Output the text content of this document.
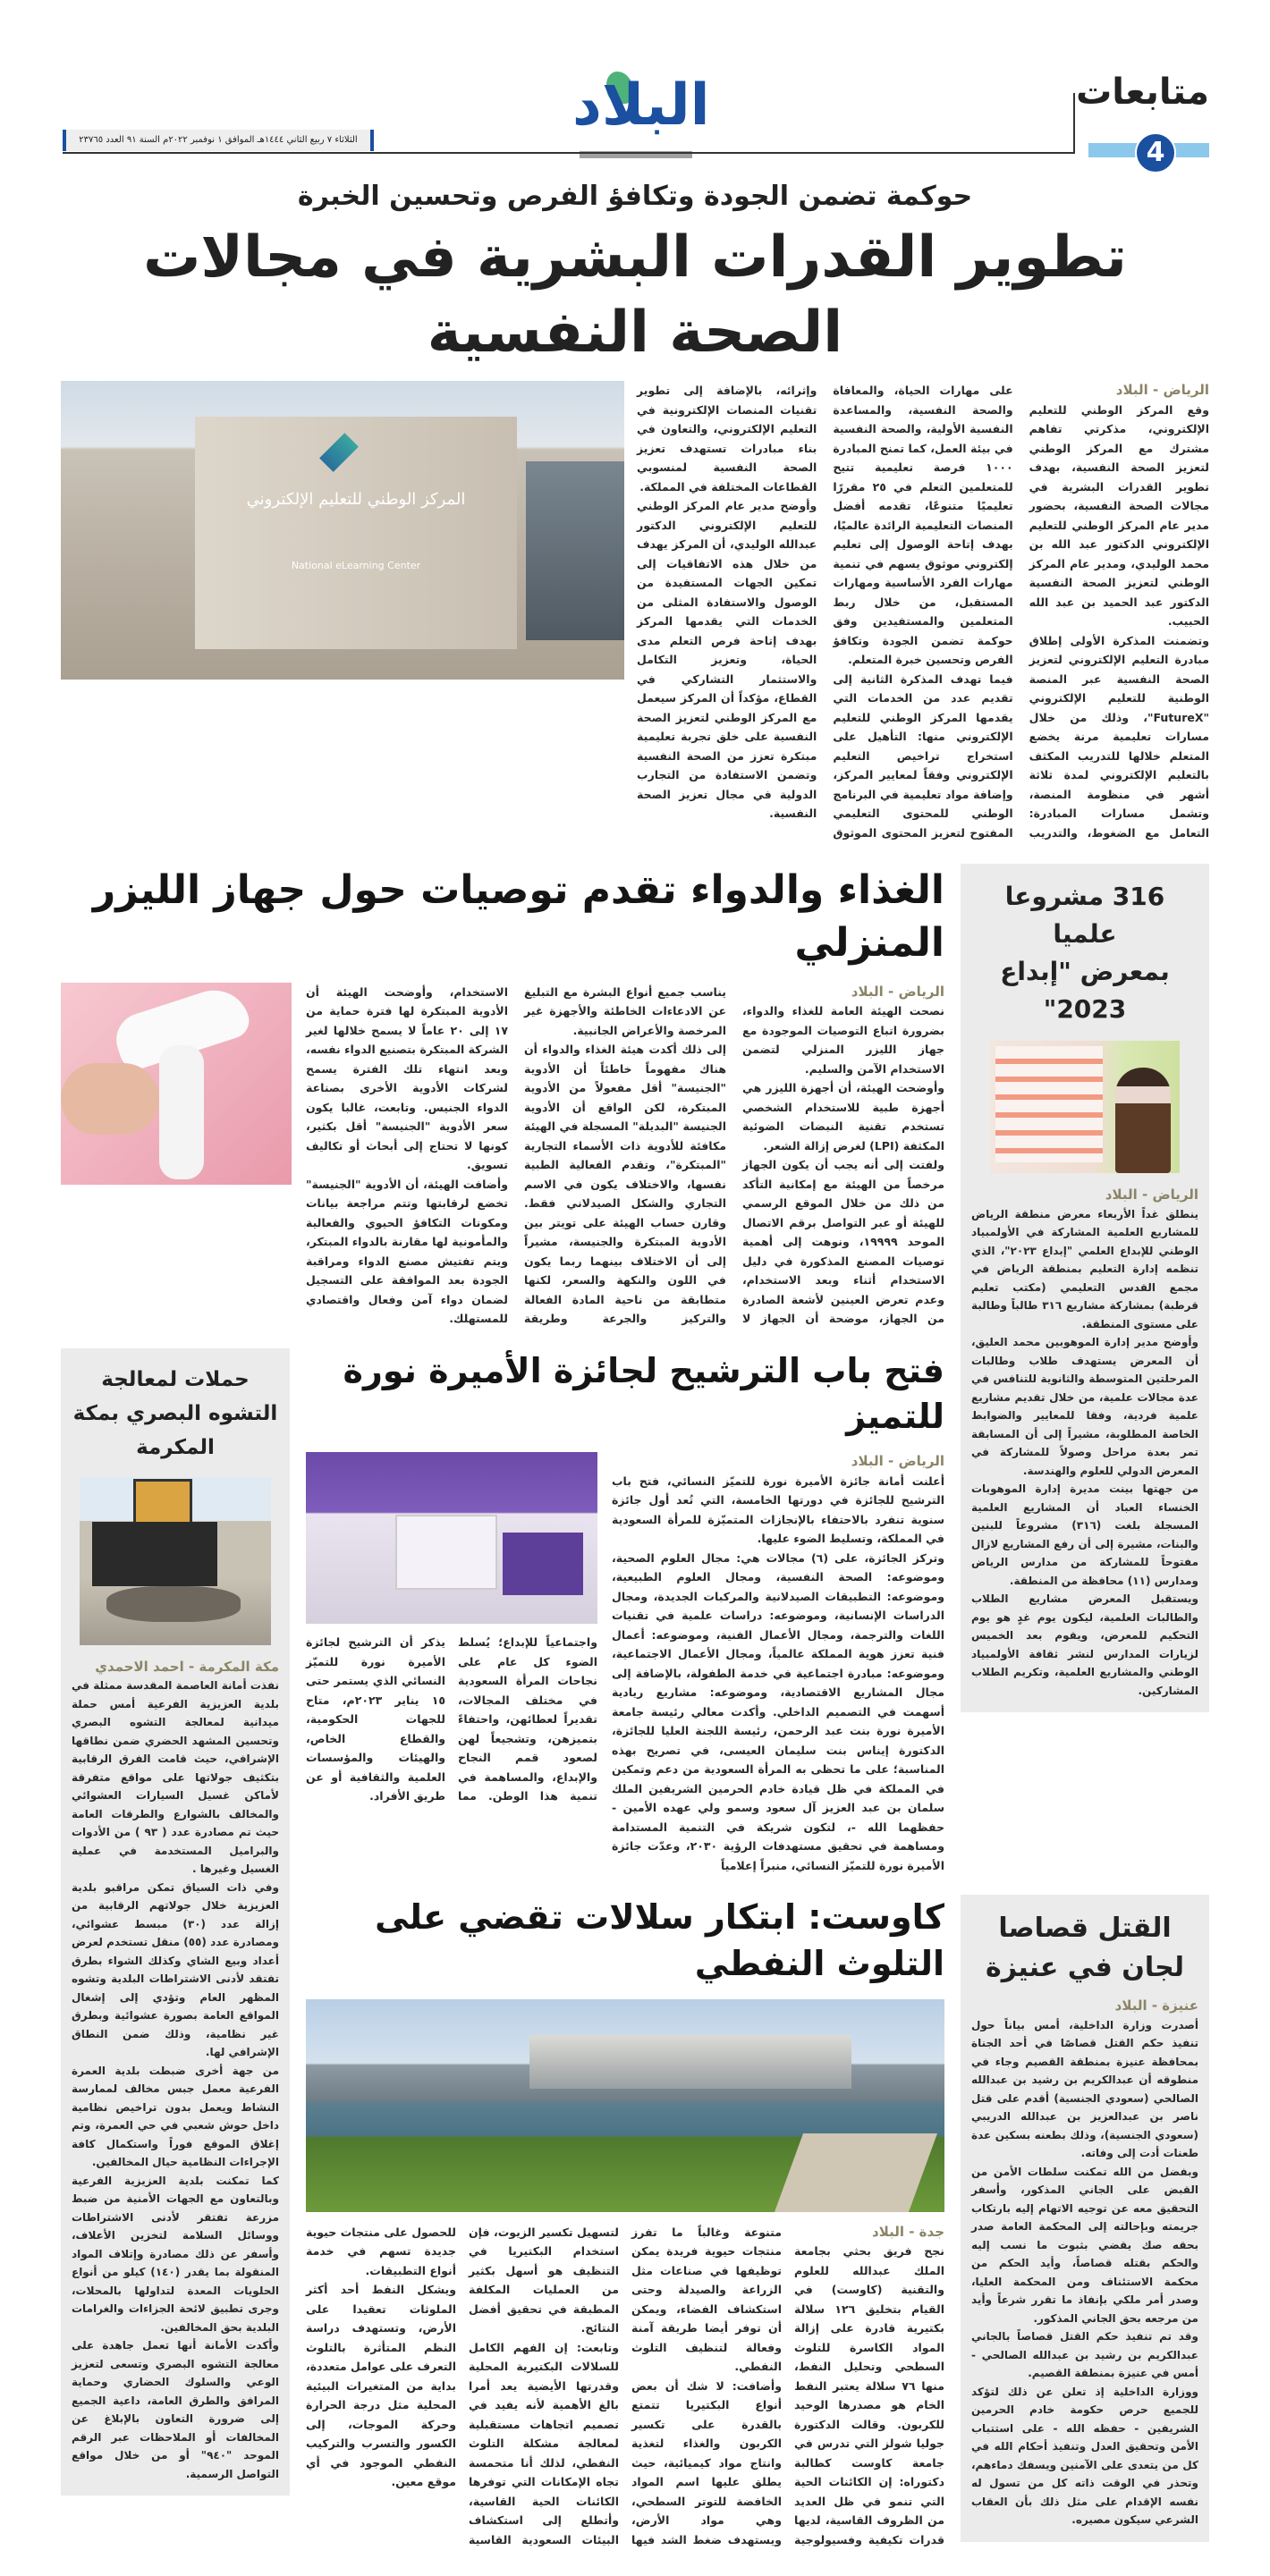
البلاد	متابعات
4
الثلاثاء ٧ ربيع الثاني ١٤٤٤هـ الموافق ١ نوفمبر ٢٠٢٢م السنة ٩١ العدد ٢٣٧٦٥
حوكمة تضمن الجودة وتكافؤ الفرص وتحسين الخبرة
تطوير القدرات البشرية في مجالات الصحة النفسية
المركز الوطني للتعليم الإلكتروني
National eLearning Center

الرياض - البلاد

وقع المركز الوطني للتعليم الإلكتروني، مذكرتي تفاهم مشترك مع المركز الوطني لتعزيز الصحة النفسية، بهدف تطوير القدرات البشرية في مجالات الصحة النفسية، بحضور مدير عام المركز الوطني للتعليم الإلكتروني الدكتور عبد الله بن محمد الوليدي، ومدير عام المركز الوطني لتعزيز الصحة النفسية الدكتور عبد الحميد بن عبد الله الحبيب.

وتضمنت المذكرة الأولى إطلاق مبادرة التعليم الإلكتروني لتعزيز الصحة النفسية عبر المنصة الوطنية للتعليم الإلكتروني "FutureX"، وذلك من خلال مسارات تعليمية مرنة يخضع المتعلم خلالها للتدريب المكثف بالتعليم الإلكتروني لمدة ثلاثة أشهر في منظومة المنصة، وتشمل مسارات المبادرة: التعامل مع الضغوط، والتدريب على مهارات الحياة، والمعافاة والصحة النفسية، والمساعدة النفسية الأولية، والصحة النفسية في بيئة العمل، كما تمنح المبادرة ١٠٠٠ فرصة تعليمية تتيح للمتعلمين التعلم في ٢٥ مقررًا تعليميًا متنوعًا، تقدمه أفضل المنصات التعليمية الرائدة عالميًا، بهدف إتاحة الوصول إلى تعليم إلكتروني موثوق يسهم في تنمية مهارات الفرد الأساسية ومهارات المستقبل، من خلال ربط المتعلمين والمستفيدين وفق حوكمة تضمن الجودة وتكافؤ الفرص وتحسين خبرة المتعلم.

فيما تهدف المذكرة الثانية إلى تقديم عدد من الخدمات التي يقدمها المركز الوطني للتعليم الإلكتروني منها: التأهيل على استخراج تراخيص التعليم الإلكتروني وفقاً لمعايير المركز، وإضافة مواد تعليمية في البرنامج الوطني للمحتوى التعليمي المفتوح لتعزيز المحتوى الموثوق وإثرائه، بالإضافة إلى تطوير تقنيات المنصات الإلكترونية في التعليم الإلكتروني، والتعاون في بناء مبادرات تستهدف تعزيز الصحة النفسية لمنسوبي القطاعات المختلفة في المملكة.

وأوضح مدير عام المركز الوطني للتعليم الإلكتروني الدكتور عبدالله الوليدي، أن المركز يهدف من خلال هذه الاتفاقيات إلى تمكين الجهات المستفيدة من الوصول والاستفادة المثلى من الخدمات التي يقدمها المركز بهدف إتاحة فرص التعلم مدى الحياة، وتعزيز التكامل والاستثمار التشاركي في القطاع، مؤكداً أن المركز سيعمل مع المركز الوطني لتعزيز الصحة النفسية على خلق تجربة تعليمية مبتكرة تعزز من الصحة النفسية وتضمن الاستفادة من التجارب الدولية في مجال تعزيز الصحة النفسية.

الغذاء والدواء تقدم توصيات حول جهاز الليزر المنزلي

الرياض - البلاد

نصحت الهيئة العامة للغذاء والدواء، بضرورة اتباع التوصيات الموجودة مع جهاز الليزر المنزلي لتضمن الاستخدام الآمن والسليم.

وأوضحت الهيئة، أن أجهزة الليزر هي أجهزة طبية للاستخدام الشخصي تستخدم تقنية النبضات الضوئية المكثفة (LPI) لغرض إزالة الشعر.

ولفتت إلى أنه يجب أن يكون الجهاز مرخصاً من الهيئة مع إمكانية التأكد من ذلك من خلال الموقع الرسمي للهيئة أو عبر التواصل برقم الاتصال الموحد ١٩٩٩٩، ونوهت إلى أهمية توصيات المصنع المذكورة في دليل الاستخدام أثناء وبعد الاستخدام، وعدم تعرض العينين لأشعة الصادرة من الجهاز، موضحة أن الجهاز لا يناسب جميع أنواع البشرة مع التبليغ عن الادعاءات الخاطئة والأجهزة غير المرخصة والأعراض الجانبية.

إلى ذلك أكدت هيئة الغذاء والدواء أن هناك مفهوماً خاطئاً أن الأدوية "الجنيسة" أقل مفعولاً من الأدوية المبتكرة، لكن الواقع أن الأدوية الجنيسة "البديلة" المسجلة في الهيئة مكافئة للأدوية ذات الأسماء التجارية "المبتكرة"، وتقدم الفعالية الطبية نفسها، والاختلاف يكون في الاسم التجاري والشكل الصيدلاني فقط. وقارن حساب الهيئة على تويتر بين الأدوية المبتكرة والجنيسة، مشيراً إلى أن الاختلاف بينهما ربما يكون في اللون والنكهة والسعر، لكنها متطابقة من ناحية المادة الفعالة والتركيز والجرعة وطريقة الاستخدام، وأوضحت الهيئة أن الأدوية المبتكرة لها فترة حماية من ١٧ إلى ٢٠ عاماً لا يسمح خلالها لغير الشركة المبتكرة بتصنيع الدواء نفسه، وبعد انتهاء تلك الفترة يسمح لشركات الأدوية الأخرى بصناعة الدواء الجنيس. وتابعت، غالبا يكون سعر الأدوية "الجنيسة" أقل بكثير، كونها لا تحتاج إلى أبحاث أو تكاليف تسويق.

وأضافت الهيئة، أن الأدوية "الجنيسة" تخضع لرقابتها وتتم مراجعة بيانات ومكونات التكافؤ الحيوي والفعالية والمأمونية لها مقارنة بالدواء المبتكر، ويتم تفتيش مصنع الدواء ومراقبة الجودة بعد الموافقة على التسجيل لضمان دواء آمن وفعال واقتصادي للمستهلك.

316 مشروعا علميا
بمعرض "إبداع 2023"

الرياض - البلاد

ينطلق غداً الأربعاء معرض منطقة الرياض للمشاريع العلمية المشاركة في الأولمبياد الوطني للإبداع العلمي "إبداع ٢٠٢٣"، الذي تنظمه إدارة التعليم بمنطقة الرياض في مجمع القدس التعليمي (مكتب تعليم قرطبة) بمشاركة مشاريع ٣١٦ طالباً وطالبة على مستوى المنطقة.

وأوضح مدير إدارة الموهوبين محمد العليق، أن المعرض يستهدف طلاب وطالبات المرحلتين المتوسطة والثانوية للتنافس في عدة مجالات علمية، من خلال تقديم مشاريع علمية فردية، وفقا للمعايير والضوابط الخاصة المطلوبة، مشيراً إلى أن المسابقة تمر بعدة مراحل وصولاً للمشاركة في المعرض الدولي للعلوم والهندسة.

من جهتها بينت مديرة إدارة الموهوبات الخنساء العباد أن المشاريع العلمية المسجلة بلغت (٣١٦) مشروعاً للبنين والبنات، مشيرة إلى أن رفع المشاريع لازال مفتوحاً للمشاركة من مدارس الرياض ومدارس (١١) محافظة من المنطقة.

ويستقبل المعرض مشاريع الطلاب والطالبات العلمية، ليكون يوم غدٍ هو يوم التحكيم للمعرض، ويقوم بعد الخميس لزيارات المدارس لنشر ثقافة الأولمبياد الوطني والمشاريع العلمية، وتكريم الطلاب المشاركين.

حملات لمعالجة التشوه البصري بمكة المكرمة

مكة المكرمة - احمد الاحمدي

نفذت أمانة العاصمة المقدسة ممثلة في بلدية العزيزية الفرعية أمس حملة ميدانية لمعالجة التشوه البصري وتحسين المشهد الحضري ضمن نطاقها الإشرافي، حيث قامت الفرق الرقابية بتكثيف جولاتها على مواقع متفرقة لأماكن غسيل السيارات العشوائي والمخالف بالشوارع والطرقات العامة حيث تم مصادرة عدد ( ٩٣ ) من الأدوات والبراميل المستخدمة في عملية الغسيل وغيرها .

وفي ذات السياق تمكن مراقبو بلدية العزيزية خلال جولاتهم الرقابية من إزالة عدد (٣٠) مبسط عشوائي، ومصادرة عدد (٥٥) منقل تستخدم لعرض أعداد وبيع الشاي وكذلك الشواء بطرق تفتقد لأدنى الاشتراطات البلدية وتشوه المظهر العام وتؤدي إلى إشغال المواقع العامة بصورة عشوائية وبطرق غير نظامية، وذلك ضمن النطاق الإشرافي لها.

من جهة أخرى ضبطت بلدية العمرة الفرعية معمل جبس مخالف لممارسة النشاط ويعمل بدون تراخيص نظامية داخل حوش شعبي في حي العمرة، وتم إغلاق الموقع فوراً واستكمال كافة الإجراءات النظامية حيال المخالفين.

كما تمكنت بلدية العزيزية الفرعية وبالتعاون مع الجهات الأمنية من ضبط مزرعة تفتقر لأدنى الاشتراطات ووسائل السلامة لتخزين الأعلاف، وأسفر عن ذلك مصادرة وإتلاف المواد المنقولة بما يقدر (١٤٠) كيلو من أنواع الحلويات المعدة لتداولها بالمحلات، وجرى تطبيق لائحة الجزاءات والغرامات البلدية بحق المخالفين.

وأكدت الأمانة أنها تعمل جاهدة على معالجة التشوه البصري وتسعى لتعزيز الوعي والسلوك الحضاري وحماية المرافق والطرق العامة، داعية الجميع إلى ضرورة التعاون بالإبلاغ عن المخالفات أو الملاحظات عبر الرقم الموحد "٩٤٠" أو من خلال مواقع التواصل الرسمية.

فتح باب الترشيح لجائزة الأميرة نورة للتميز

الرياض - البلاد

أعلنت أمانة جائزة الأميرة نورة للتميّز النسائي، فتح باب الترشيح للجائزة في دورتها الخامسة، التي تُعد أول جائزة سنوية تنفرد بالاحتفاء بالإنجازات المتميّزة للمرأة السعودية في المملكة، وتسليط الضوء عليها.

وتركز الجائزة، على (٦) مجالات هي: مجال العلوم الصحية، وموضوعه: الصحة النفسية، ومجال العلوم الطبيعية، وموضوعه: التطبيقات الصيدلانية والمركبات الجديدة، ومجال الدراسات الإنسانية، وموضوعه: دراسات علمية في تقنيات اللغات والترجمة، ومجال الأعمال الفنية، وموضوعه: أعمال فنية تعزز هوية المملكة عالمياً، ومجال الأعمال الاجتماعية، وموضوعه: مبادرة اجتماعية في خدمة الطفولة، بالإضافة إلى مجال المشاريع الاقتصادية، وموضوعه: مشاريع ريادية أسهمت في التصميم الداخلي. وأكدت معالي رئيسة جامعة الأميرة نورة بنت عبد الرحمن، رئيسة اللجنة العليا للجائزة، الدكتورة إيناس بنت سليمان العيسى، في تصريح بهذه المناسبة؛ على ما تحظى به المرأة السعودية من دعم وتمكين في المملكة في ظل قيادة خادم الحرمين الشريفين الملك سلمان بن عبد العزيز آل سعود وسمو ولي عهده الأمين - حفظهما الله -، لتكون شريكة في التنمية المستدامة ومساهمة في تحقيق مستهدفات الرؤية ٢٠٣٠، وعدّت جائزة الأميرة نورة للتميّز النسائي، منبراً إعلامياً

واجتماعياً للإبداع؛ يُسلط الضوء كل عام على نجاحات المرأة السعودية في مختلف المجالات، تقديراً لعطائهن، واحتفاءً بتميزهن، وتشجيعاً لهن لصعود قمم النجاح والإبداع، والمساهمة في تنمية هذا الوطن. مما يذكر أن الترشيح لجائزة الأميرة نورة للتميّز النسائي الذي يستمر حتى ١٥ يناير ٢٠٢٣م، متاح للجهات الحكومية، والقطاع الخاص، والهيئات والمؤسسات العلمية والثقافية أو عن طريق الأفراد.

كاوست: ابتكار سلالات تقضي على التلوث النفطي

جدة - البلاد

نجح فريق بحثي بجامعة الملك عبدالله للعلوم والتقنية (كاوست) في القيام بتخليق ١٢٦ سلالة بكتيرية قادرة على إزالة المواد الكاسرة للتلوث السطحي وتحليل النفط، منها ٧٦ سلالة يعتبر النفط الخام هو مصدرها الوحيد للكربون. وقالت الدكتورة جوليا شولز التي تدرس في جامعة كاوست كطالبة دكتوراه: إن الكائنات الحية التي تنمو في ظل العديد من الظروف القاسية، لديها قدرات تكيفية وفسيولوجية متنوعة وغالباً ما تفرز منتجات حيوية فريدة يمكن توظيفها في صناعات مثل الزراعة والصيدلة وحتى استكشاف الفضاء، ويمكن أن توفر أيضا طريقة آمنة وفعالة لتنظيف التلوث النفطي.

وأضافت: لا شك أن بعض أنواع البكتيريا تتمتع بالقدرة على تكسير الكربون والغذاء لتغذية وانتاج مواد كيميائية، حيث يطلق عليها اسم المواد الخافضة للتوتر السطحي، وهي مواد الأرض، ويستهدف ضغط الشد فيها لتسهيل تكسير الزيوت، فإن استخدام البكتيريا في التنظيف هو أسهل بكثير من العمليات المكلفة المطبقة في تحقيق أفضل النتائج.

وتابعت: إن الفهم الكامل للسلالات البكتيرية المحلية وقدرتها الأيضية يعد أمرا بالغ الأهمية لأنه يفيد في تصميم اتجاهات مستقبلية لمعالجة مشكلة التلوث النفطي، لذلك أنا متحمسة تجاه الإمكانات التي توفرها الكائنات الحية القاسية، وأتطلع إلى استكشاف البيئات السعودية القاسية للحصول على منتجات حيوية جديدة تسهم في خدمة أنواع التطبيقات.

ويشكل النفط أحد أكثر الملوثات تعقيدا على الأرض، وتستهدف دراسة النظم المتأثرة بالتلوث التعرف على عوامل متعددة، بداية من المتغيرات البيئية المحلية مثل درجة الحرارة وحركة الموجات، إلى الكسور والتسرب والتركيب النفطي الموجود في أي موقع معين.

القتل قصاصا
لجان في عنيزة

عنيزة - البلاد

أصدرت وزارة الداخلية، أمس بياناً حول تنفيذ حكم القتل قصاصًا في أحد الجناة بمحافظة عنيزة بمنطقة القصيم وجاء في منطوقه أن عبدالكريم بن رشيد بن عبدالله الصالحي (سعودي الجنسية) أقدم على قتل ناصر بن عبدالعزيز بن عبدالله الدريبي (سعودي الجنسية)، وذلك بطعنه بسكين عدة طعنات أدت إلى وفاته.

وبفضل من الله تمكنت سلطات الأمن من القبض على الجاني المذكور، وأسفر التحقيق معه عن توجيه الاتهام إليه بارتكاب جريمته وبإحالته إلى المحكمة العامة صدر بحقه صك يقضي بثبوت ما نسب إليه والحكم بقتله قصاصاً، وأيد الحكم من محكمة الاستئناف ومن المحكمة العليا، وصدر أمر ملكي بإنفاذ ما تقرر شرعاً وأيد من مرجعه بحق الجاني المذكور.

وقد تم تنفيذ حكم القتل قصاصاً بالجاني عبدالكريم بن رشيد بن عبدالله الصالحي - أمس في عنيزة بمنطقة القصيم.

ووزارة الداخلية إذ تعلن عن ذلك لتؤكد للجميع حرص حكومة خادم الحرمين الشريفين - حفظه الله - على استتباب الأمن وتحقيق العدل وتنفيذ أحكام الله في كل من يتعدى على الآمنين ويسفك دماءهم، وتحذر في الوقت ذاته كل من تسول له نفسه الإقدام على مثل ذلك بأن العقاب الشرعي سيكون مصيره.
